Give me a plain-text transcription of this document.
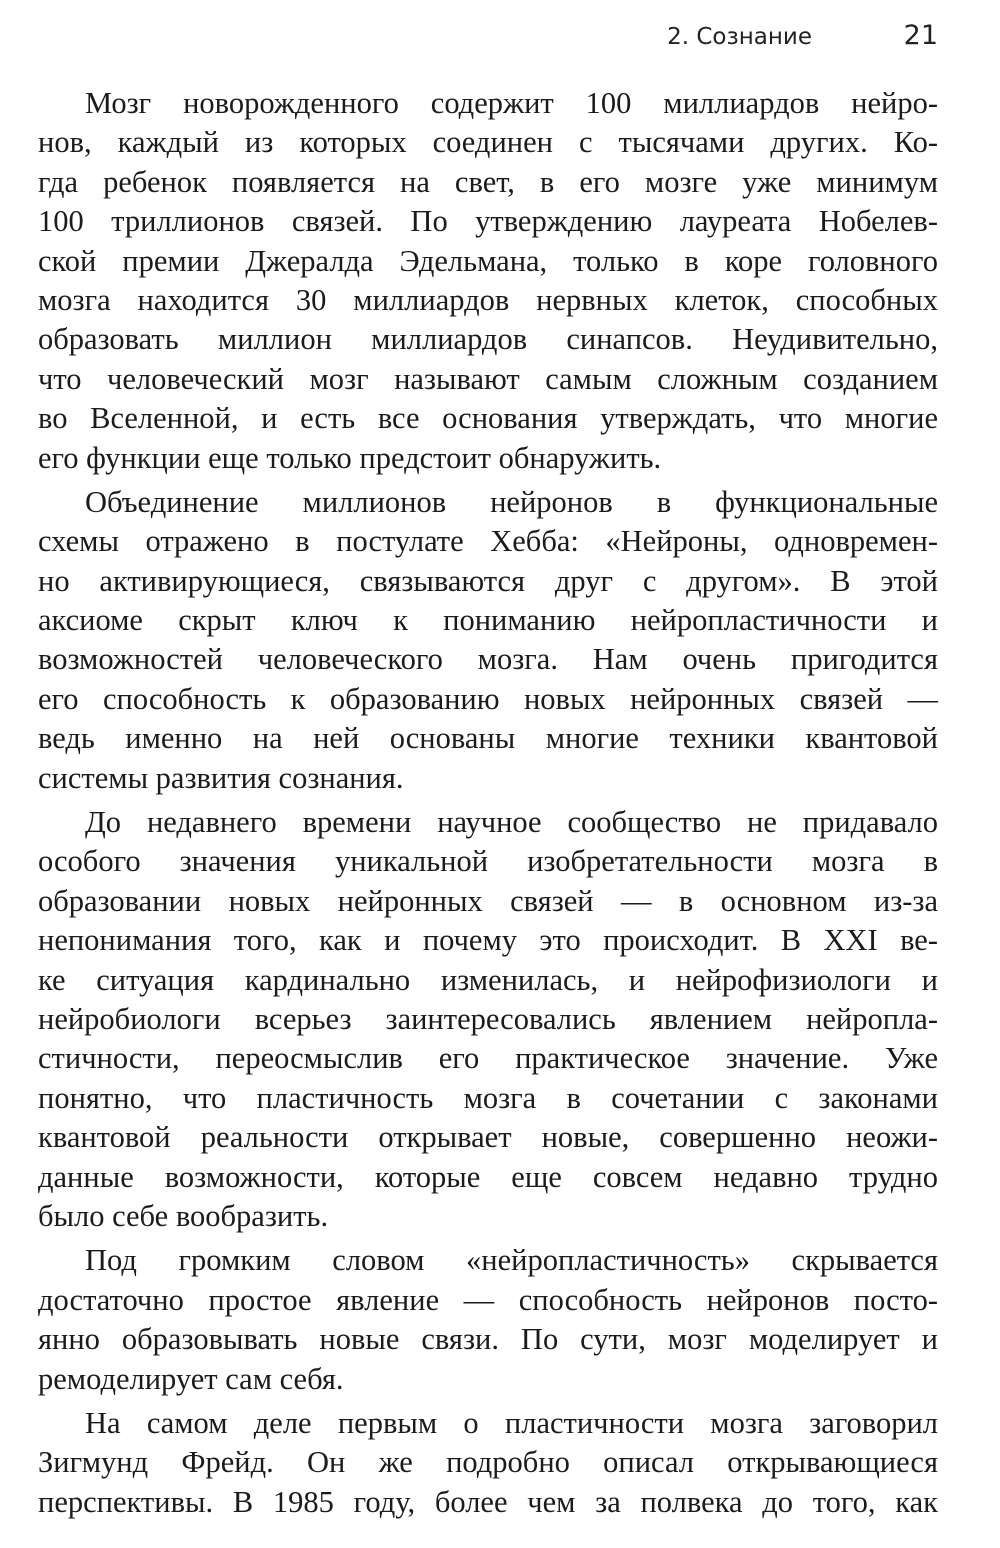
2. Сознание	21
Мозг новорожденного содержит 100 миллиардов нейро-
нов, каждый из которых соединен с тысячами других. Ко-
гда ребенок появляется на свет, в его мозге уже минимум
100 триллионов связей. По утверждению лауреата Нобелев-
ской премии Джералда Эдельмана, только в коре головного
мозга находится 30 миллиардов нервных клеток, способных
образовать миллион миллиардов синапсов. Неудивительно,
что человеческий мозг называют самым сложным созданием
во Вселенной, и есть все основания утверждать, что многие
его функции еще только предстоит обнаружить.
Объединение миллионов нейронов в функциональные
схемы отражено в постулате Хебба: «Нейроны, одновремен-
но активирующиеся, связываются друг с другом». В этой
аксиоме скрыт ключ к пониманию нейропластичности и
возможностей человеческого мозга. Нам очень пригодится
его способность к образованию новых нейронных связей —
ведь именно на ней основаны многие техники квантовой
системы развития сознания.
До недавнего времени научное сообщество не придавало
особого значения уникальной изобретательности мозга в
образовании новых нейронных связей — в основном из-за
непонимания того, как и почему это происходит. В XXI ве-
ке ситуация кардинально изменилась, и нейрофизиологи и
нейробиологи всерьез заинтересовались явлением нейропла-
стичности, переосмыслив его практическое значение. Уже
понятно, что пластичность мозга в сочетании с законами
квантовой реальности открывает новые, совершенно неожи-
данные возможности, которые еще совсем недавно трудно
было себе вообразить.
Под громким словом «нейропластичность» скрывается
достаточно простое явление — способность нейронов посто-
янно образовывать новые связи. По сути, мозг моделирует и
ремоделирует сам себя.
На самом деле первым о пластичности мозга заговорил
Зигмунд Фрейд. Он же подробно описал открывающиеся
перспективы. В 1985 году, более чем за полвека до того, как
